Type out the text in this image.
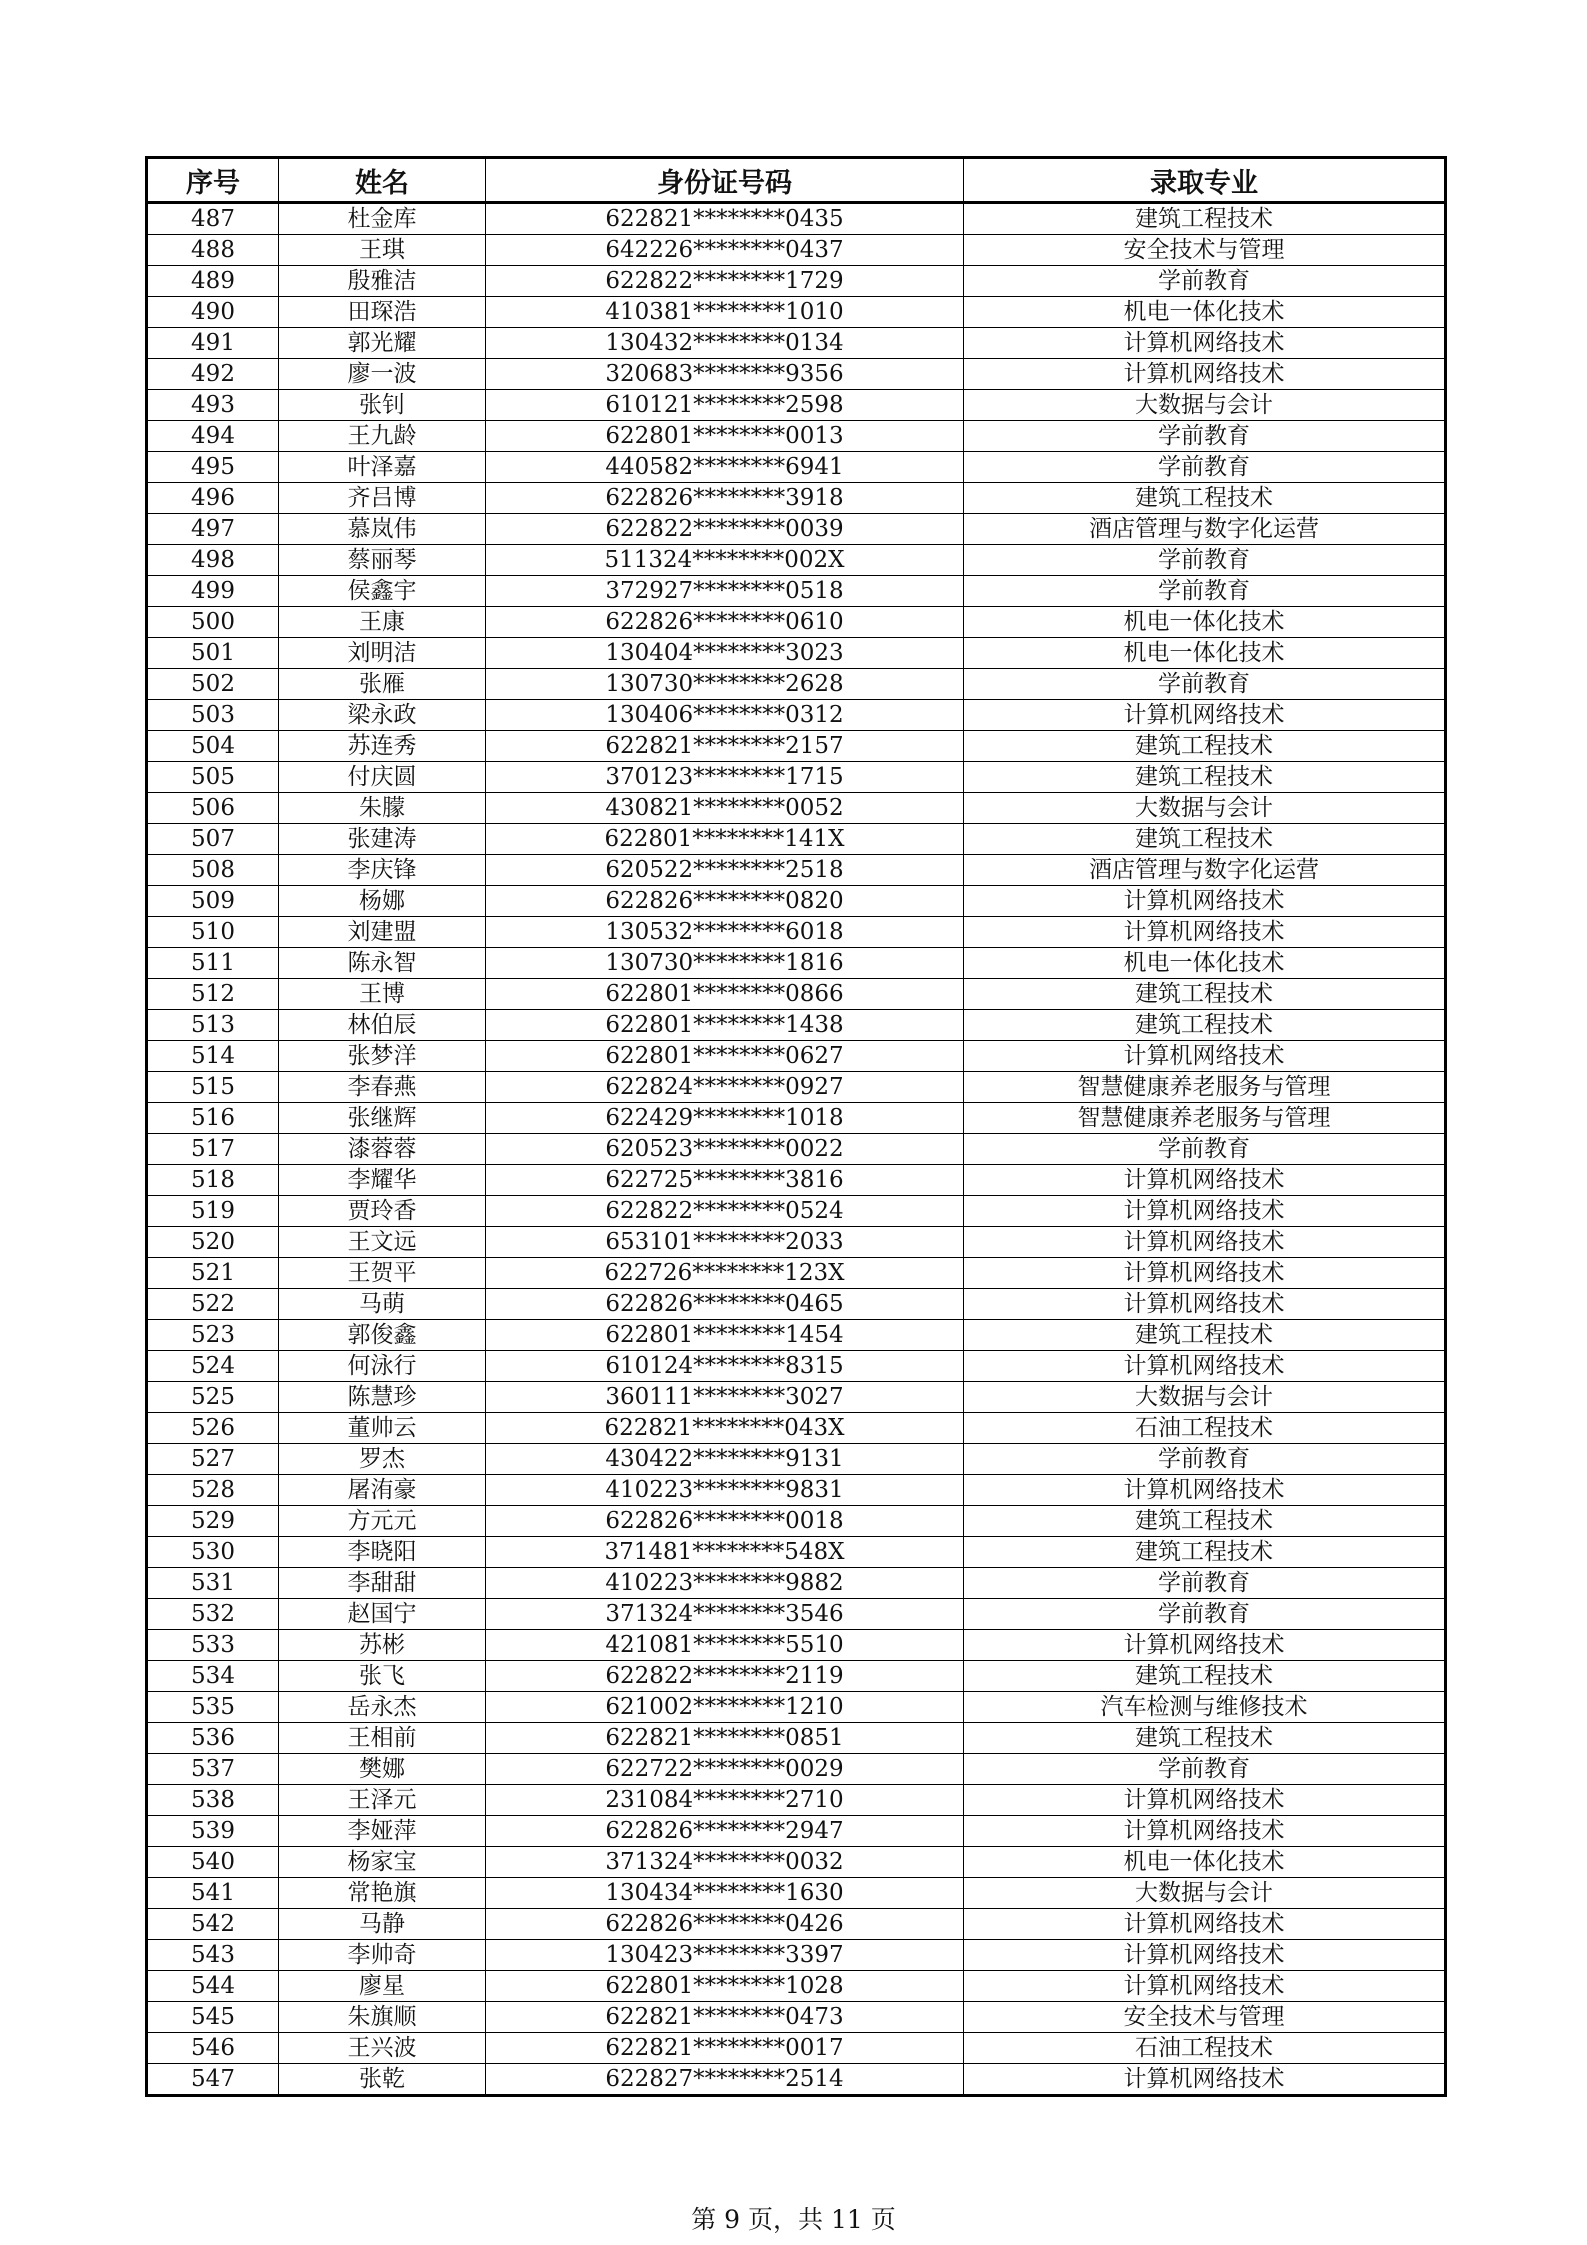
序号	姓名	身份证号码	录取专业
487	杜金库	622821********0435	建筑工程技术
488	王琪	642226********0437	安全技术与管理
489	殷雅洁	622822********1729	学前教育
490	田琛浩	410381********1010	机电一体化技术
491	郭光耀	130432********0134	计算机网络技术
492	廖一波	320683********9356	计算机网络技术
493	张钊	610121********2598	大数据与会计
494	王九龄	622801********0013	学前教育
495	叶泽嘉	440582********6941	学前教育
496	齐吕博	622826********3918	建筑工程技术
497	慕岚伟	622822********0039	酒店管理与数字化运营
498	蔡丽琴	511324********002X	学前教育
499	侯鑫宇	372927********0518	学前教育
500	王康	622826********0610	机电一体化技术
501	刘明洁	130404********3023	机电一体化技术
502	张雁	130730********2628	学前教育
503	梁永政	130406********0312	计算机网络技术
504	苏连秀	622821********2157	建筑工程技术
505	付庆圆	370123********1715	建筑工程技术
506	朱朦	430821********0052	大数据与会计
507	张建涛	622801********141X	建筑工程技术
508	李庆锋	620522********2518	酒店管理与数字化运营
509	杨娜	622826********0820	计算机网络技术
510	刘建盟	130532********6018	计算机网络技术
511	陈永智	130730********1816	机电一体化技术
512	王博	622801********0866	建筑工程技术
513	林伯辰	622801********1438	建筑工程技术
514	张梦洋	622801********0627	计算机网络技术
515	李春燕	622824********0927	智慧健康养老服务与管理
516	张继辉	622429********1018	智慧健康养老服务与管理
517	漆蓉蓉	620523********0022	学前教育
518	李耀华	622725********3816	计算机网络技术
519	贾玲香	622822********0524	计算机网络技术
520	王文远	653101********2033	计算机网络技术
521	王贺平	622726********123X	计算机网络技术
522	马萌	622826********0465	计算机网络技术
523	郭俊鑫	622801********1454	建筑工程技术
524	何泳行	610124********8315	计算机网络技术
525	陈慧珍	360111********3027	大数据与会计
526	董帅云	622821********043X	石油工程技术
527	罗杰	430422********9131	学前教育
528	屠洧豪	410223********9831	计算机网络技术
529	方元元	622826********0018	建筑工程技术
530	李晓阳	371481********548X	建筑工程技术
531	李甜甜	410223********9882	学前教育
532	赵国宁	371324********3546	学前教育
533	苏彬	421081********5510	计算机网络技术
534	张飞	622822********2119	建筑工程技术
535	岳永杰	621002********1210	汽车检测与维修技术
536	王相前	622821********0851	建筑工程技术
537	樊娜	622722********0029	学前教育
538	王泽元	231084********2710	计算机网络技术
539	李娅萍	622826********2947	计算机网络技术
540	杨家宝	371324********0032	机电一体化技术
541	常艳旗	130434********1630	大数据与会计
542	马静	622826********0426	计算机网络技术
543	李帅奇	130423********3397	计算机网络技术
544	廖星	622801********1028	计算机网络技术
545	朱旗顺	622821********0473	安全技术与管理
546	王兴波	622821********0017	石油工程技术
547	张乾	622827********2514	计算机网络技术
第 9 页，共 11 页
